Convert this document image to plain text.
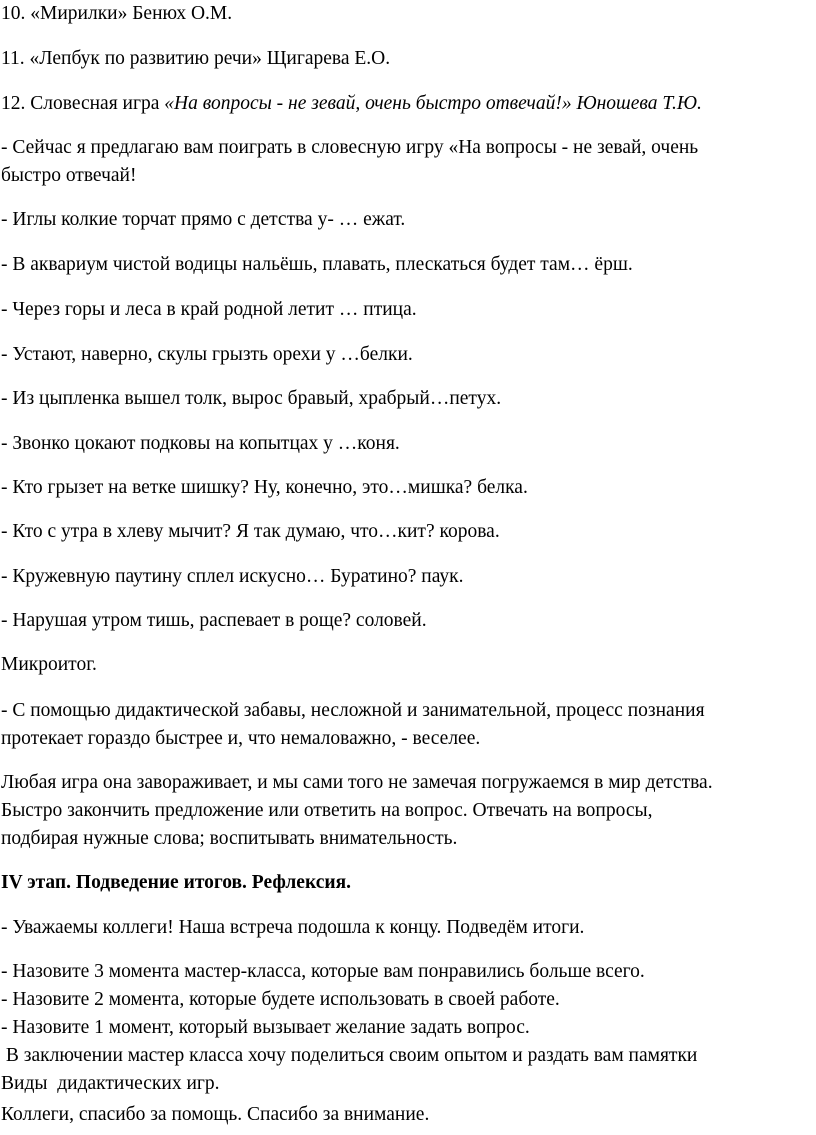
10. «Мирилки» Бенюх О.М.
11. «Лепбук по развитию речи» Щигарева Е.О.
12. Словесная игра «На вопросы - не зевай, очень быстро отвечай!» Юношева Т.Ю.
- Сейчас я предлагаю вам поиграть в словесную игру «На вопросы - не зевай, очень
быстро отвечай!
- Иглы колкие торчат прямо с детства у- … ежат.
- В аквариум чистой водицы нальёшь, плавать, плескаться будет там… ёрш.
- Через горы и леса в край родной летит … птица.
- Устают, наверно, скулы грызть орехи у …белки.
- Из цыпленка вышел толк, вырос бравый, храбрый…петух.
- Звонко цокают подковы на копытцах у …коня.
- Кто грызет на ветке шишку? Ну, конечно, это…мишка? белка.
- Кто с утра в хлеву мычит? Я так думаю, что…кит? корова.
- Кружевную паутину сплел искусно… Буратино? паук.
- Нарушая утром тишь, распевает в роще? соловей.
Микроитог.
- С помощью дидактической забавы, несложной и занимательной, процесс познания
протекает гораздо быстрее и, что немаловажно, - веселее.
Любая игра она завораживает, и мы сами того не замечая погружаемся в мир детства.
Быстро закончить предложение или ответить на вопрос. Отвечать на вопросы,
подбирая нужные слова; воспитывать внимательность.
IV этап. Подведение итогов. Рефлексия.
- Уважаемы коллеги! Наша встреча подошла к концу. Подведём итоги.
- Назовите 3 момента мастер-класса, которые вам понравились больше всего.
- Назовите 2 момента, которые будете использовать в своей работе.
- Назовите 1 момент, который вызывает желание задать вопрос.
В заключении мастер класса хочу поделиться своим опытом и раздать вам памятки
Виды  дидактических игр.
Коллеги, спасибо за помощь. Спасибо за внимание.
